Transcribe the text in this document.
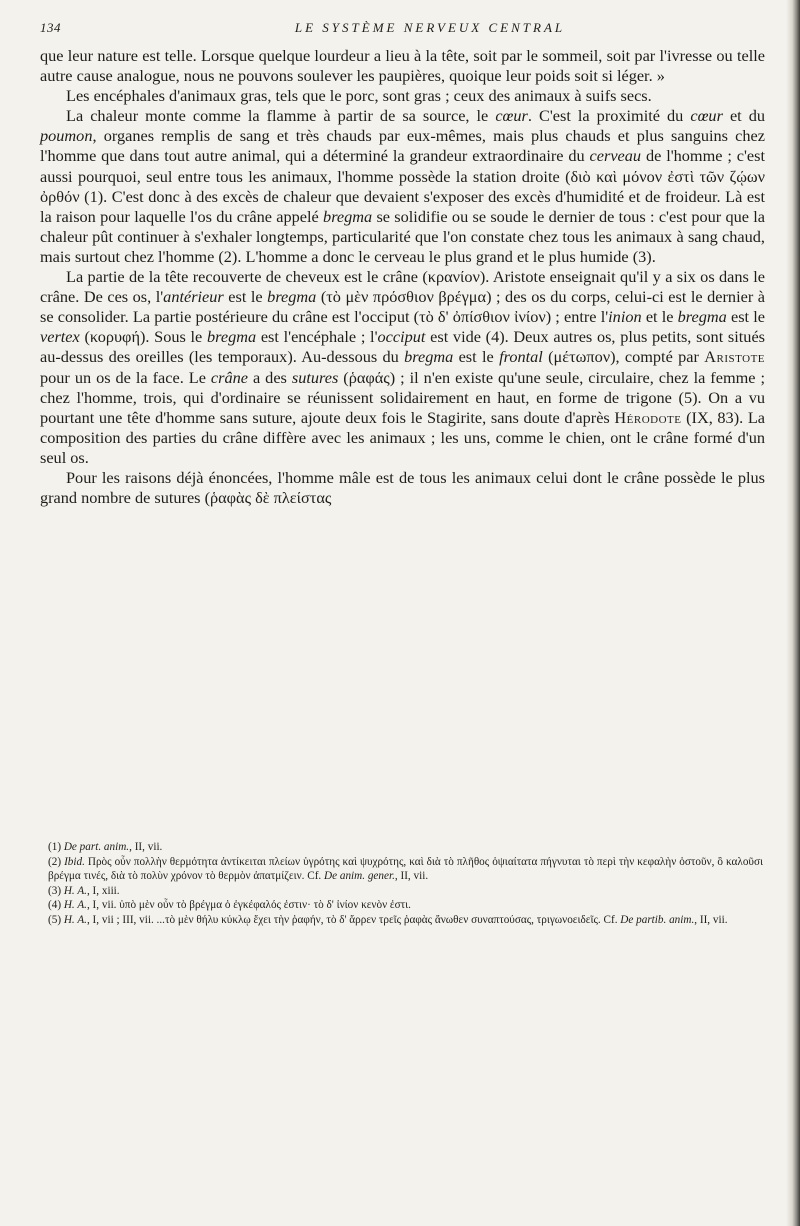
134	LE SYSTÈME NERVEUX CENTRAL

que leur nature est telle. Lorsque quelque lourdeur a lieu à la tête, soit par le sommeil, soit par l'ivresse ou telle autre cause analogue, nous ne pouvons soulever les paupières, quoique leur poids soit si léger. »

Les encéphales d'animaux gras, tels que le porc, sont gras ; ceux des animaux à suifs secs.

La chaleur monte comme la flamme à partir de sa source, le cœur. C'est la proximité du cœur et du poumon, organes remplis de sang et très chauds par eux-mêmes, mais plus chauds et plus sanguins chez l'homme que dans tout autre animal, qui a déterminé la grandeur extraordinaire du cerveau de l'homme ; c'est aussi pourquoi, seul entre tous les animaux, l'homme possède la station droite (διὸ καὶ μόνον ἐστὶ τῶν ζῴων ὀρθόν (1). C'est donc à des excès de chaleur que devaient s'exposer des excès d'humidité et de froideur. Là est la raison pour laquelle l'os du crâne appelé bregma se solidifie ou se soude le dernier de tous : c'est pour que la chaleur pût continuer à s'exhaler longtemps, particularité que l'on constate chez tous les animaux à sang chaud, mais surtout chez l'homme (2). L'homme a donc le cerveau le plus grand et le plus humide (3).

La partie de la tête recouverte de cheveux est le crâne (κρανίον). Aristote enseignait qu'il y a six os dans le crâne. De ces os, l'antérieur est le bregma (τὸ μὲν πρόσθιον βρέγμα) ; des os du corps, celui-ci est le dernier à se consolider. La partie postérieure du crâne est l'occiput (τὸ δ' ὀπίσθιον ἰνίον) ; entre l'inion et le bregma est le vertex (κορυφή). Sous le bregma est l'encéphale ; l'occiput est vide (4). Deux autres os, plus petits, sont situés au-dessus des oreilles (les temporaux). Au-dessous du bregma est le frontal (μέτωπον), compté par Aristote pour un os de la face. Le crâne a des sutures (ῥαφάς) ; il n'en existe qu'une seule, circulaire, chez la femme ; chez l'homme, trois, qui d'ordinaire se réunissent solidairement en haut, en forme de trigone (5). On a vu pourtant une tête d'homme sans suture, ajoute deux fois le Stagirite, sans doute d'après Hérodote (IX, 83). La composition des parties du crâne diffère avec les animaux ; les uns, comme le chien, ont le crâne formé d'un seul os.

Pour les raisons déjà énoncées, l'homme mâle est de tous les animaux celui dont le crâne possède le plus grand nombre de sutures (ῥαφὰς δὲ πλείστας

(1) De part. anim., II, vii.

(2) Ibid. Πρὸς οὖν πολλὴν θερμότητα ἀντίκειται πλείων ὑγρότης καὶ ψυχρότης, καὶ διὰ τὸ πλῆθος ὀψιαίτατα πήγνυται τὸ περὶ τὴν κεφαλὴν ὀστοῦν, ὃ καλοῦσι βρέγμα τινές, διὰ τὸ πολὺν χρόνον τὸ θερμὸν ἀπατμίζειν. Cf. De anim. gener., II, vii.

(3) H. A., I, xiii.

(4) H. A., I, vii. ὑπὸ μὲν οὖν τὸ βρέγμα ὁ ἐγκέφαλός ἐστιν· τὸ δ' ἰνίον κενὸν ἐστι.

(5) H. A., I, vii ; III, vii. ...τὸ μὲν θήλυ κύκλῳ ἔχει τὴν ῥαφήν, τὸ δ' ἄρρεν τρεῖς ῥαφὰς ἄνωθεν συναπτούσας, τριγωνοειδεῖς. Cf. De partib. anim., II, vii.
